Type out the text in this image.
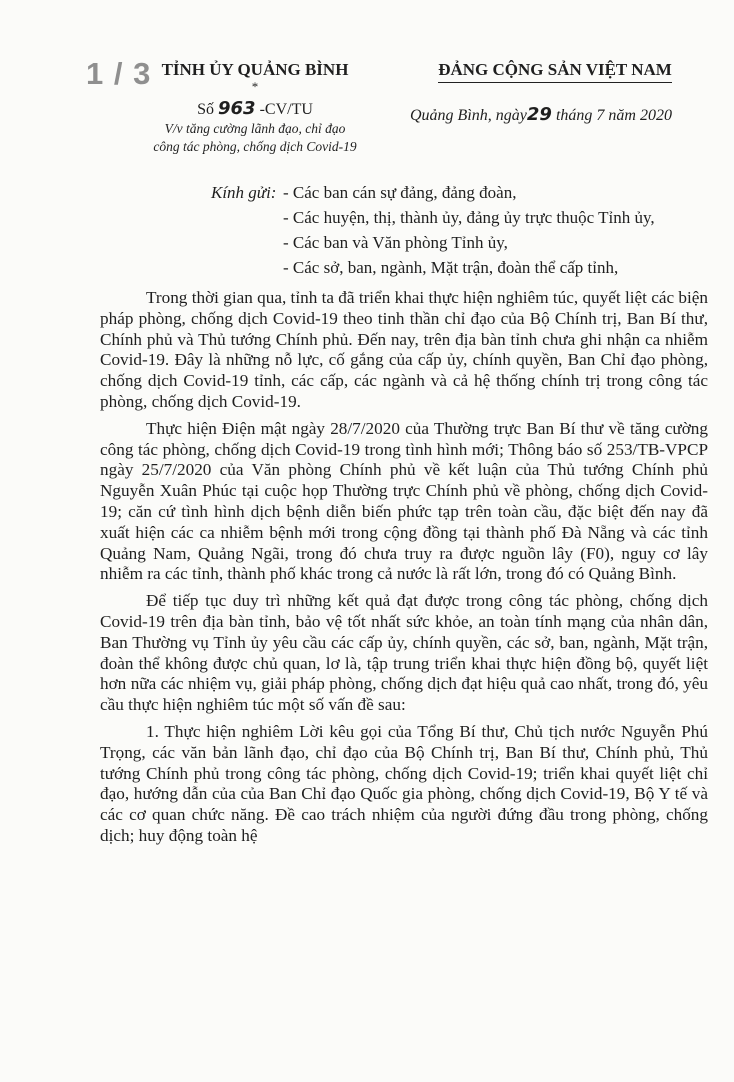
1 / 3 TỈNH ỦY QUẢNG BÌNH
*
Số 963 -CV/TU
V/v tăng cường lãnh đạo, chỉ đạo
công tác phòng, chống dịch Covid-19
ĐẢNG CỘNG SẢN VIỆT NAM
Quảng Bình, ngày29 tháng 7 năm 2020
Kính gửi: - Các ban cán sự đảng, đảng đoàn,
- Các huyện, thị, thành ủy, đảng ủy trực thuộc Tỉnh ủy,
- Các ban và Văn phòng Tỉnh ủy,
- Các sở, ban, ngành, Mặt trận, đoàn thể cấp tỉnh,

Trong thời gian qua, tỉnh ta đã triển khai thực hiện nghiêm túc, quyết liệt các biện pháp phòng, chống dịch Covid-19 theo tinh thần chỉ đạo của Bộ Chính trị, Ban Bí thư, Chính phủ và Thủ tướng Chính phủ. Đến nay, trên địa bàn tỉnh chưa ghi nhận ca nhiễm Covid-19. Đây là những nỗ lực, cố gắng của cấp ủy, chính quyền, Ban Chỉ đạo phòng, chống dịch Covid-19 tỉnh, các cấp, các ngành và cả hệ thống chính trị trong công tác phòng, chống dịch Covid-19.

Thực hiện Điện mật ngày 28/7/2020 của Thường trực Ban Bí thư về tăng cường công tác phòng, chống dịch Covid-19 trong tình hình mới; Thông báo số 253/TB-VPCP ngày 25/7/2020 của Văn phòng Chính phủ về kết luận của Thủ tướng Chính phủ Nguyễn Xuân Phúc tại cuộc họp Thường trực Chính phủ về phòng, chống dịch Covid-19; căn cứ tình hình dịch bệnh diễn biến phức tạp trên toàn cầu, đặc biệt đến nay đã xuất hiện các ca nhiễm bệnh mới trong cộng đồng tại thành phố Đà Nẵng và các tỉnh Quảng Nam, Quảng Ngãi, trong đó chưa truy ra được nguồn lây (F0), nguy cơ lây nhiễm ra các tỉnh, thành phố khác trong cả nước là rất lớn, trong đó có Quảng Bình.

Để tiếp tục duy trì những kết quả đạt được trong công tác phòng, chống dịch Covid-19 trên địa bàn tỉnh, bảo vệ tốt nhất sức khỏe, an toàn tính mạng của nhân dân, Ban Thường vụ Tỉnh ủy yêu cầu các cấp ủy, chính quyền, các sở, ban, ngành, Mặt trận, đoàn thể không được chủ quan, lơ là, tập trung triển khai thực hiện đồng bộ, quyết liệt hơn nữa các nhiệm vụ, giải pháp phòng, chống dịch đạt hiệu quả cao nhất, trong đó, yêu cầu thực hiện nghiêm túc một số vấn đề sau:

1. Thực hiện nghiêm Lời kêu gọi của Tổng Bí thư, Chủ tịch nước Nguyễn Phú Trọng, các văn bản lãnh đạo, chỉ đạo của Bộ Chính trị, Ban Bí thư, Chính phủ, Thủ tướng Chính phủ trong công tác phòng, chống dịch Covid-19; triển khai quyết liệt chỉ đạo, hướng dẫn của của Ban Chỉ đạo Quốc gia phòng, chống dịch Covid-19, Bộ Y tế và các cơ quan chức năng. Đề cao trách nhiệm của người đứng đầu trong phòng, chống dịch; huy động toàn hệ
